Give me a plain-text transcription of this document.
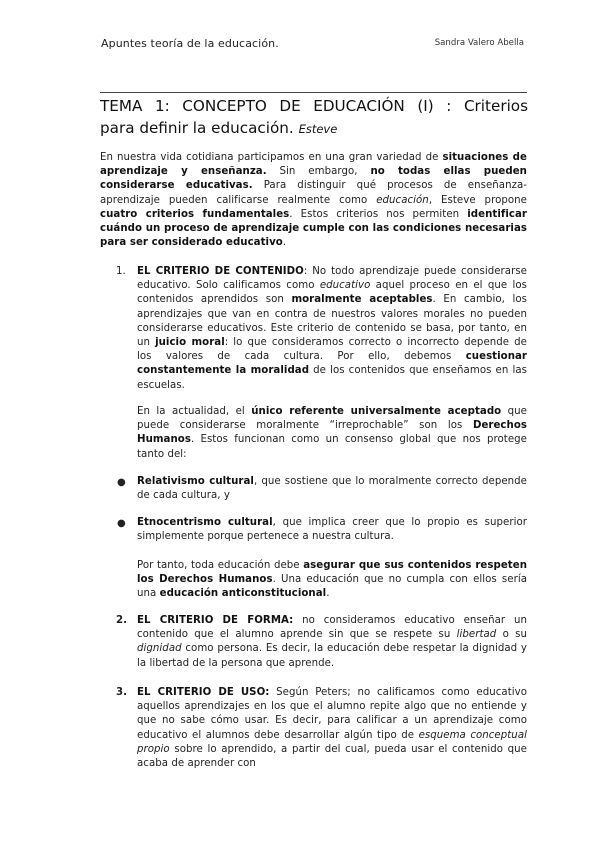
Apuntes teoría de la educación.	Sandra Valero Abella
TEMA 1: CONCEPTO DE EDUCACIÓN (I) : Criterios
para definir la educación. Esteve
En nuestra vida cotidiana participamos en una gran variedad de situaciones de aprendizaje y enseñanza. Sin embargo, no todas ellas pueden considerarse educativas. Para distinguir qué procesos de enseñanza-aprendizaje pueden calificarse realmente como educación, Esteve propone cuatro criterios fundamentales. Estos criterios nos permiten identificar cuándo un proceso de aprendizaje cumple con las condiciones necesarias para ser considerado educativo.
1. EL CRITERIO DE CONTENIDO: No todo aprendizaje puede considerarse educativo. Solo calificamos como educativo aquel proceso en el que los contenidos aprendidos son moralmente aceptables. En cambio, los aprendizajes que van en contra de nuestros valores morales no pueden considerarse educativos. Este criterio de contenido se basa, por tanto, en un juicio moral: lo que consideramos correcto o incorrecto depende de los valores de cada cultura. Por ello, debemos cuestionar constantemente la moralidad de los contenidos que enseñamos en las escuelas.
En la actualidad, el único referente universalmente aceptado que puede considerarse moralmente “irreprochable” son los Derechos Humanos. Estos funcionan como un consenso global que nos protege tanto del:
● Relativismo cultural, que sostiene que lo moralmente correcto depende de cada cultura, y
● Etnocentrismo cultural, que implica creer que lo propio es superior simplemente porque pertenece a nuestra cultura.
Por tanto, toda educación debe asegurar que sus contenidos respeten los Derechos Humanos. Una educación que no cumpla con ellos sería una educación anticonstitucional.
2. EL CRITERIO DE FORMA: no consideramos educativo enseñar un contenido que el alumno aprende sin que se respete su libertad o su dignidad como persona. Es decir, la educación debe respetar la dignidad y la libertad de la persona que aprende.
3. EL CRITERIO DE USO: Según Peters; no calificamos como educativo aquellos aprendizajes en los que el alumno repite algo que no entiende y que no sabe cómo usar. Es decir, para calificar a un aprendizaje como educativo el alumnos debe desarrollar algún tipo de esquema conceptual propio sobre lo aprendido, a partir del cual, pueda usar el contenido que acaba de aprender con
